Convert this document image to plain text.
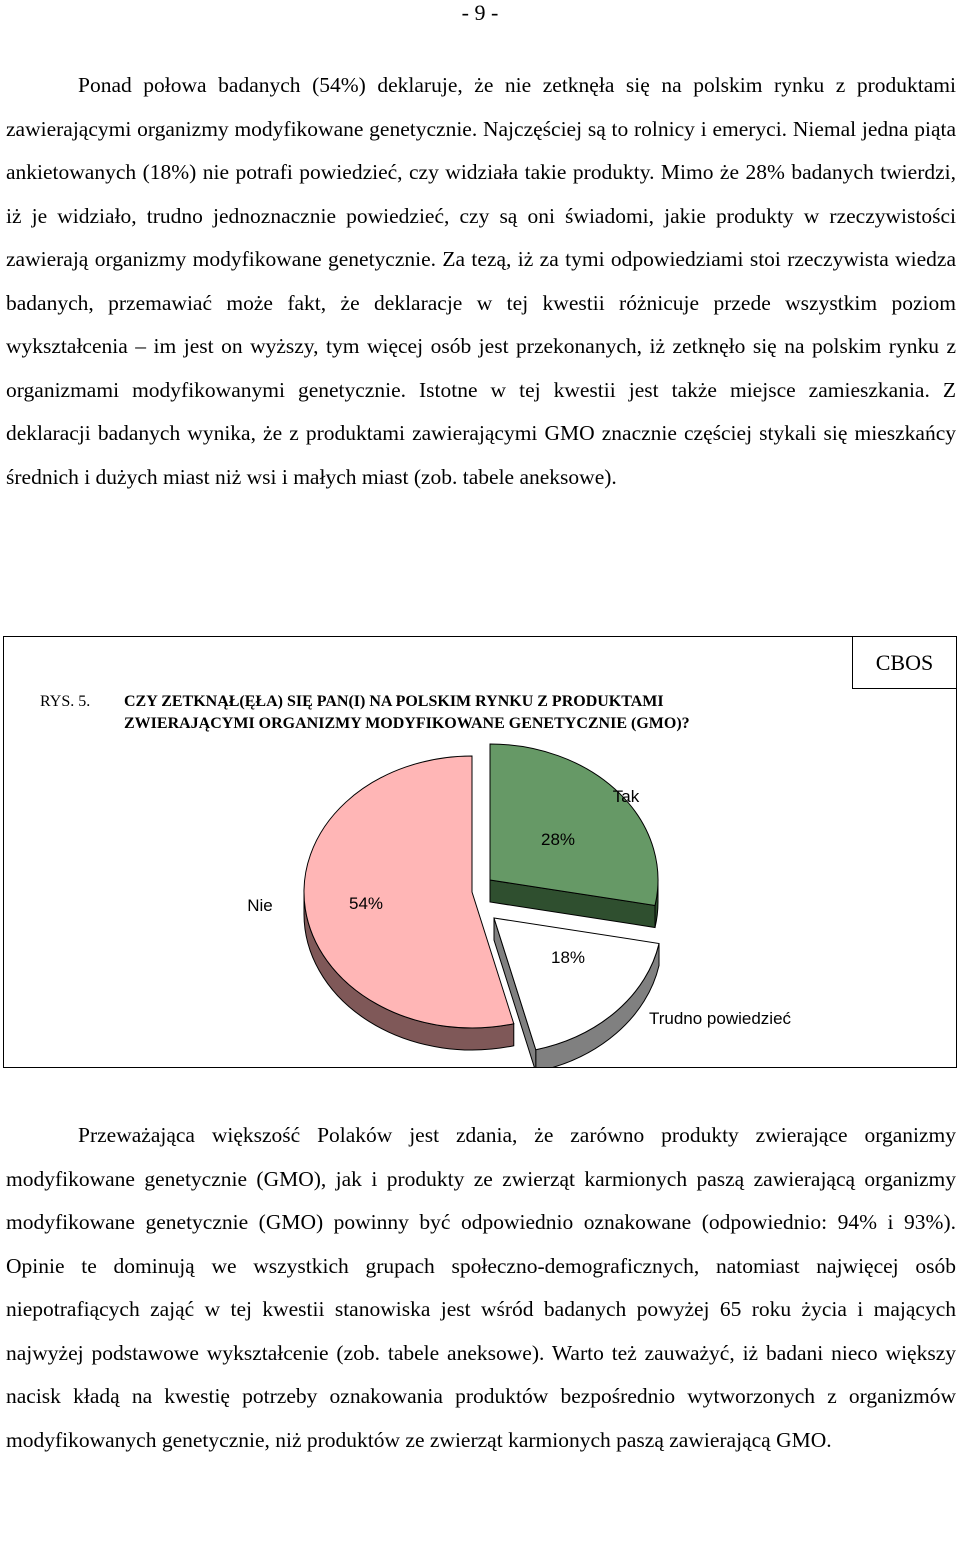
- 9 -

Ponad połowa badanych (54%) deklaruje, że nie zetknęła się na polskim rynku z produktami zawierającymi organizmy modyfikowane genetycznie. Najczęściej są to rolnicy i emeryci. Niemal jedna piąta ankietowanych (18%) nie potrafi powiedzieć, czy widziała takie produkty. Mimo że 28% badanych twierdzi, iż je widziało, trudno jednoznacznie powiedzieć, czy są oni świadomi, jakie produkty w rzeczywistości zawierają organizmy modyfikowane genetycznie. Za tezą, iż za tymi odpowiedziami stoi rzeczywista wiedza badanych, przemawiać może fakt, że deklaracje w tej kwestii różnicuje przede wszystkim poziom wykształcenia – im jest on wyższy, tym więcej osób jest przekonanych, iż zetknęło się na polskim rynku z organizmami modyfikowanymi genetycznie. Istotne w tej kwestii jest także miejsce zamieszkania. Z deklaracji badanych wynika, że z produktami zawierającymi GMO znacznie częściej stykali się mieszkańcy średnich i dużych miast niż wsi i małych miast (zob. tabele aneksowe).

CBOS
RYS. 5. CZY ZETKNĄŁ(ĘŁA) SIĘ PAN(I) NA POLSKIM RYNKU Z PRODUKTAMI
ZWIERAJĄCYMI ORGANIZMY MODYFIKOWANE GENETYCZNIE (GMO)?
Tak
28%
Nie	54%
18%
Trudno powiedzieć

Przeważająca większość Polaków jest zdania, że zarówno produkty zwierające organizmy modyfikowane genetycznie (GMO), jak i produkty ze zwierząt karmionych paszą zawierającą organizmy modyfikowane genetycznie (GMO) powinny być odpowiednio oznakowane (odpowiednio: 94% i 93%). Opinie te dominują we wszystkich grupach społeczno-demograficznych, natomiast najwięcej osób niepotrafiących zająć w tej kwestii stanowiska jest wśród badanych powyżej 65 roku życia i mających najwyżej podstawowe wykształcenie (zob. tabele aneksowe). Warto też zauważyć, iż badani nieco większy nacisk kładą na kwestię potrzeby oznakowania produktów bezpośrednio wytworzonych z organizmów modyfikowanych genetycznie, niż produktów ze zwierząt karmionych paszą zawierającą GMO.
